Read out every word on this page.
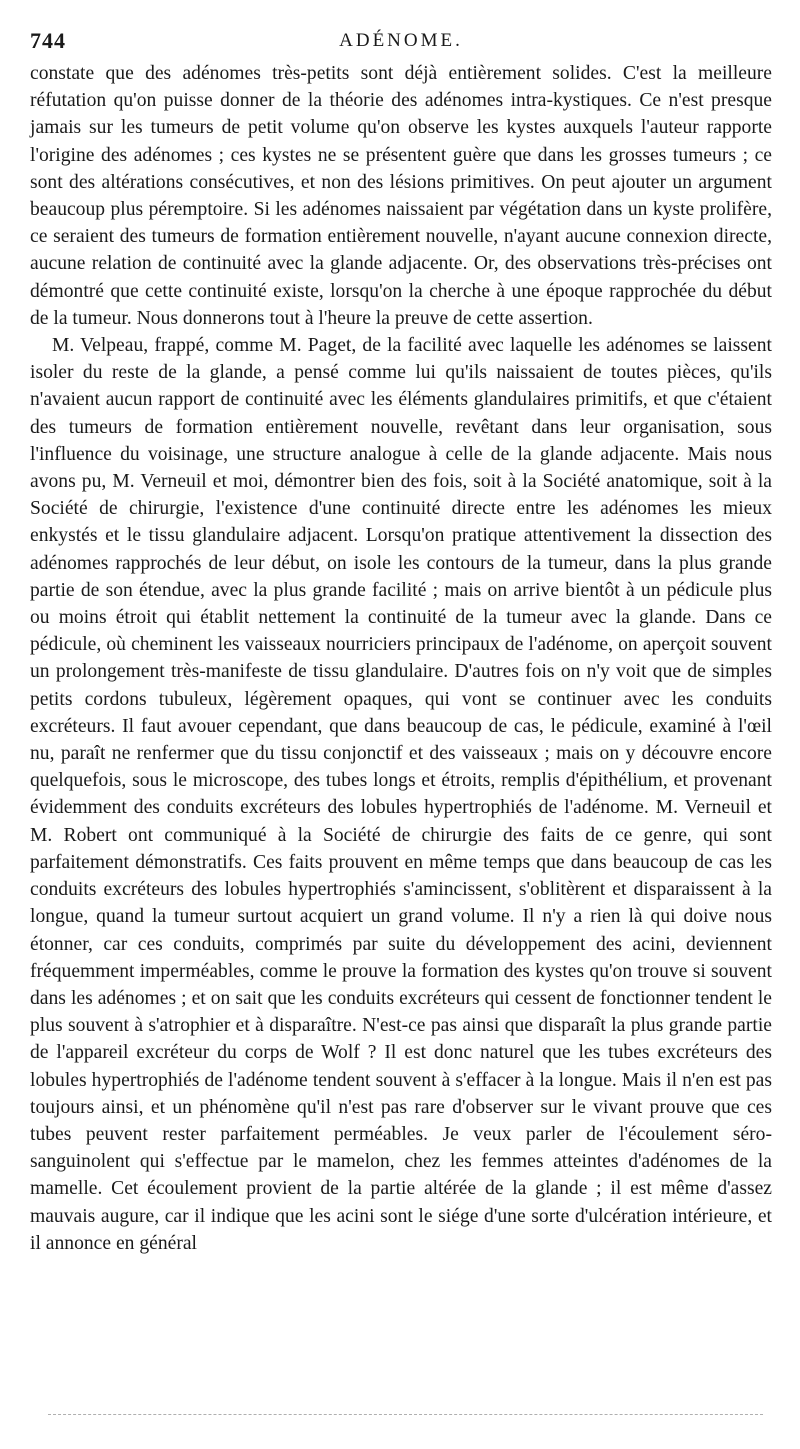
744	ADÉNOME.

constate que des adénomes très-petits sont déjà entièrement solides. C'est la meilleure réfutation qu'on puisse donner de la théorie des adénomes intra-kystiques. Ce n'est presque jamais sur les tumeurs de petit volume qu'on observe les kystes auxquels l'auteur rapporte l'origine des adénomes ; ces kystes ne se présentent guère que dans les grosses tumeurs ; ce sont des altérations consécutives, et non des lésions primitives. On peut ajouter un argument beaucoup plus péremptoire. Si les adénomes naissaient par végétation dans un kyste prolifère, ce seraient des tumeurs de formation entièrement nouvelle, n'ayant aucune connexion directe, aucune relation de continuité avec la glande adjacente. Or, des observations très-précises ont démontré que cette continuité existe, lorsqu'on la cherche à une époque rapprochée du début de la tumeur. Nous donnerons tout à l'heure la preuve de cette assertion.

M. Velpeau, frappé, comme M. Paget, de la facilité avec laquelle les adénomes se laissent isoler du reste de la glande, a pensé comme lui qu'ils naissaient de toutes pièces, qu'ils n'avaient aucun rapport de continuité avec les éléments glandulaires primitifs, et que c'étaient des tumeurs de formation entièrement nouvelle, revêtant dans leur organisation, sous l'influence du voisinage, une structure analogue à celle de la glande adjacente. Mais nous avons pu, M. Verneuil et moi, démontrer bien des fois, soit à la Société anatomique, soit à la Société de chirurgie, l'existence d'une continuité directe entre les adénomes les mieux enkystés et le tissu glandulaire adjacent. Lorsqu'on pratique attentivement la dissection des adénomes rapprochés de leur début, on isole les contours de la tumeur, dans la plus grande partie de son étendue, avec la plus grande facilité ; mais on arrive bientôt à un pédicule plus ou moins étroit qui établit nettement la continuité de la tumeur avec la glande. Dans ce pédicule, où cheminent les vaisseaux nourriciers principaux de l'adénome, on aperçoit souvent un prolongement très-manifeste de tissu glandulaire. D'autres fois on n'y voit que de simples petits cordons tubuleux, légèrement opaques, qui vont se continuer avec les conduits excréteurs. Il faut avouer cependant, que dans beaucoup de cas, le pédicule, examiné à l'œil nu, paraît ne renfermer que du tissu conjonctif et des vaisseaux ; mais on y découvre encore quelquefois, sous le microscope, des tubes longs et étroits, remplis d'épithélium, et provenant évidemment des conduits excréteurs des lobules hypertrophiés de l'adénome. M. Verneuil et M. Robert ont communiqué à la Société de chirurgie des faits de ce genre, qui sont parfaitement démonstratifs. Ces faits prouvent en même temps que dans beaucoup de cas les conduits excréteurs des lobules hypertrophiés s'amincissent, s'oblitèrent et disparaissent à la longue, quand la tumeur surtout acquiert un grand volume. Il n'y a rien là qui doive nous étonner, car ces conduits, comprimés par suite du développement des acini, deviennent fréquemment imperméables, comme le prouve la formation des kystes qu'on trouve si souvent dans les adénomes ; et on sait que les conduits excréteurs qui cessent de fonctionner tendent le plus souvent à s'atrophier et à disparaître. N'est-ce pas ainsi que disparaît la plus grande partie de l'appareil excréteur du corps de Wolf ? Il est donc naturel que les tubes excréteurs des lobules hypertrophiés de l'adénome tendent souvent à s'effacer à la longue. Mais il n'en est pas toujours ainsi, et un phénomène qu'il n'est pas rare d'observer sur le vivant prouve que ces tubes peuvent rester parfaitement perméables. Je veux parler de l'écoulement séro-sanguinolent qui s'effectue par le mamelon, chez les femmes atteintes d'adénomes de la mamelle. Cet écoulement provient de la partie altérée de la glande ; il est même d'assez mauvais augure, car il indique que les acini sont le siége d'une sorte d'ulcération intérieure, et il annonce en général
